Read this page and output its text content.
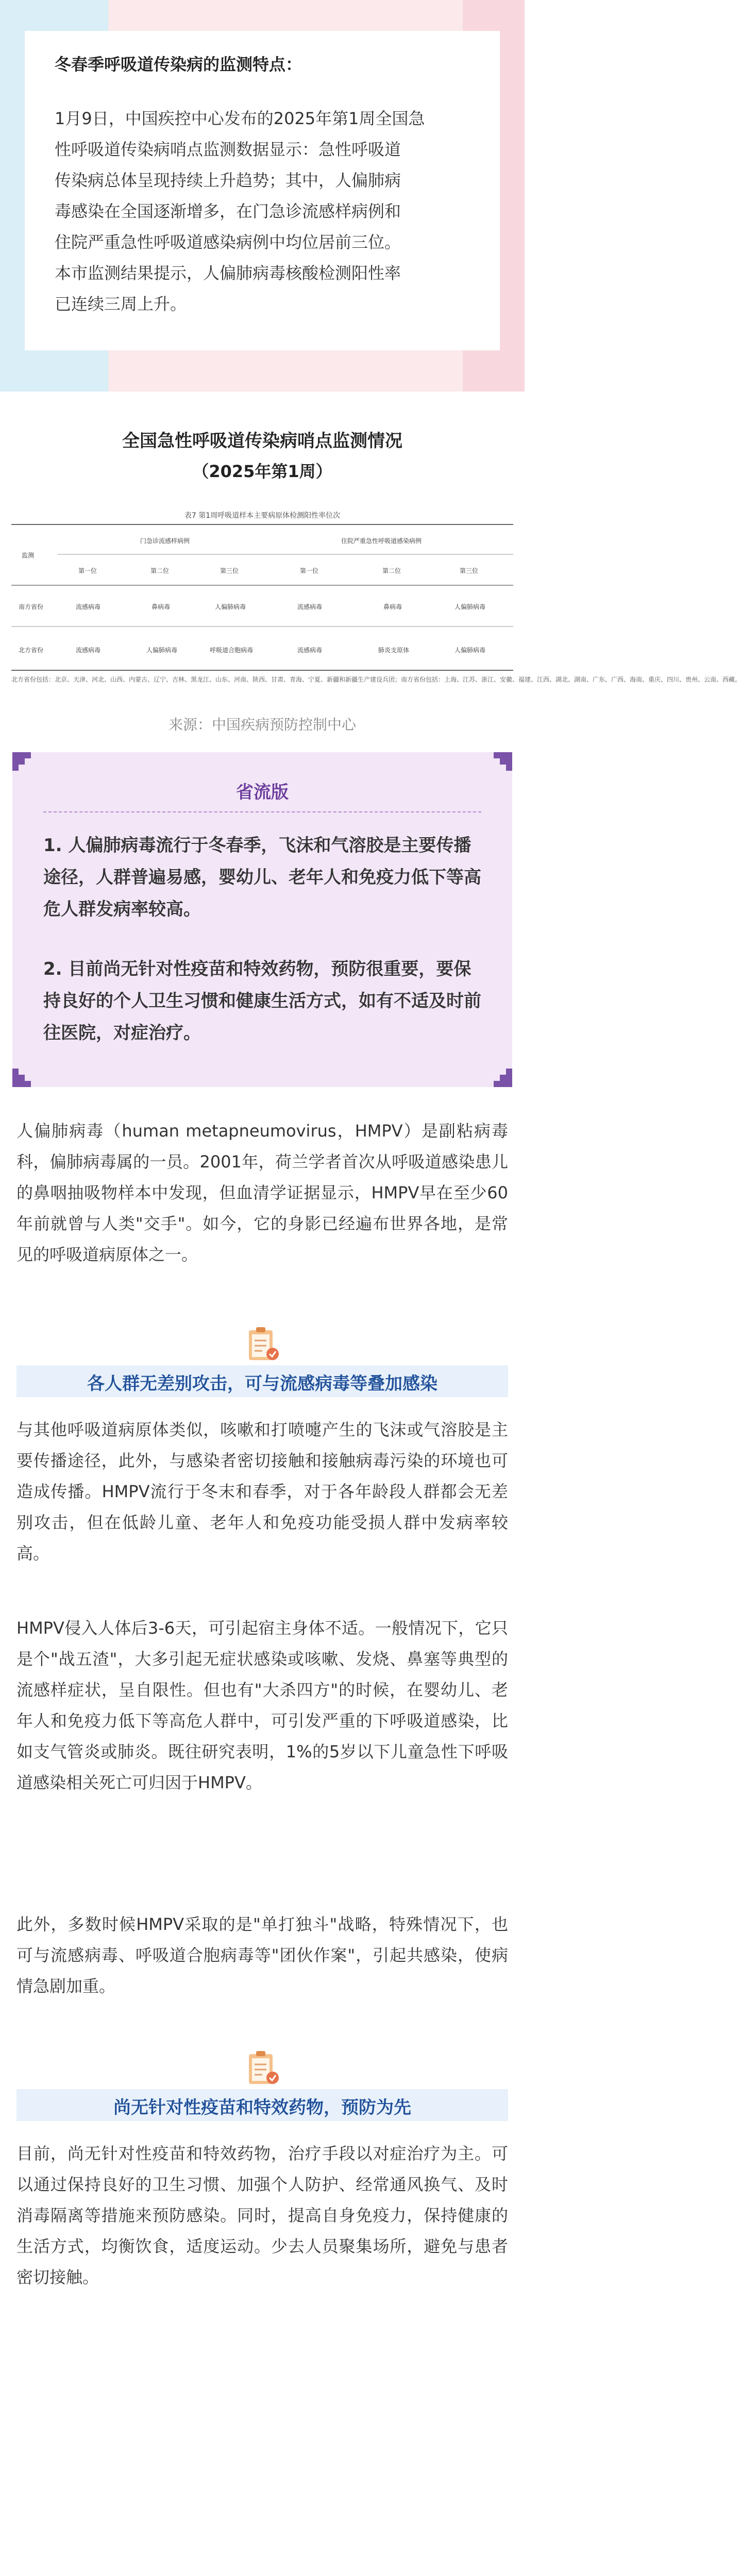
冬春季呼吸道传染病的监测特点：
1月9日，中国疾控中心发布的2025年第1周全国急
性呼吸道传染病哨点监测数据显示：急性呼吸道
传染病总体呈现持续上升趋势；其中，人偏肺病
毒感染在全国逐渐增多，在门急诊流感样病例和
住院严重急性呼吸道感染病例中均位居前三位。
本市监测结果提示，人偏肺病毒核酸检测阳性率
已连续三周上升。
全国急性呼吸道传染病哨点监测情况
（2025年第1周）
表7 第1周呼吸道样本主要病原体检测阳性率位次
监测
门急诊流感样病例	住院严重急性呼吸道感染病例
第一位	第二位	第三位	第一位	第二位	第三位
南方省份	流感病毒	鼻病毒	人偏肺病毒	流感病毒	鼻病毒	人偏肺病毒
北方省份	流感病毒	人偏肺病毒	呼吸道合胞病毒	流感病毒	肺炎支原体	人偏肺病毒
北方省份包括：北京、天津、河北、山西、内蒙古、辽宁、吉林、黑龙江、山东、河南、陕西、甘肃、青海、宁夏、新疆和新疆生产建设兵团；南方省份包括：上海、江苏、浙江、安徽、福建、江西、湖北、湖南、广东、广西、海南、重庆、四川、贵州、云南、西藏。
来源：中国疾病预防控制中心
省流版
1. 人偏肺病毒流行于冬春季，飞沫和气溶胶是主要传播途径，人群普遍易感，婴幼儿、老年人和免疫力低下等高危人群发病率较高。
2. 目前尚无针对性疫苗和特效药物，预防很重要，要保持良好的个人卫生习惯和健康生活方式，如有不适及时前往医院，对症治疗。
人偏肺病毒（human metapneumovirus，HMPV）是副粘病毒科，偏肺病毒属的一员。2001年，荷兰学者首次从呼吸道感染患儿的鼻咽抽吸物样本中发现，但血清学证据显示，HMPV早在至少60年前就曾与人类"交手"。如今，它的身影已经遍布世界各地，是常见的呼吸道病原体之一。
各人群无差别攻击，可与流感病毒等叠加感染
与其他呼吸道病原体类似，咳嗽和打喷嚏产生的飞沫或气溶胶是主要传播途径，此外，与感染者密切接触和接触病毒污染的环境也可造成传播。HMPV流行于冬末和春季，对于各年龄段人群都会无差别攻击，但在低龄儿童、老年人和免疫功能受损人群中发病率较高。
HMPV侵入人体后3-6天，可引起宿主身体不适。一般情况下，它只是个"战五渣"，大多引起无症状感染或咳嗽、发烧、鼻塞等典型的流感样症状，呈自限性。但也有"大杀四方"的时候，在婴幼儿、老年人和免疫力低下等高危人群中，可引发严重的下呼吸道感染，比如支气管炎或肺炎。既往研究表明，1%的5岁以下儿童急性下呼吸道感染相关死亡可归因于HMPV。
此外，多数时候HMPV采取的是"单打独斗"战略，特殊情况下，也可与流感病毒、呼吸道合胞病毒等"团伙作案"，引起共感染，使病情急剧加重。
尚无针对性疫苗和特效药物，预防为先
目前，尚无针对性疫苗和特效药物，治疗手段以对症治疗为主。可以通过保持良好的卫生习惯、加强个人防护、经常通风换气、及时消毒隔离等措施来预防感染。同时，提高自身免疫力，保持健康的生活方式，均衡饮食，适度运动。少去人员聚集场所，避免与患者密切接触。
